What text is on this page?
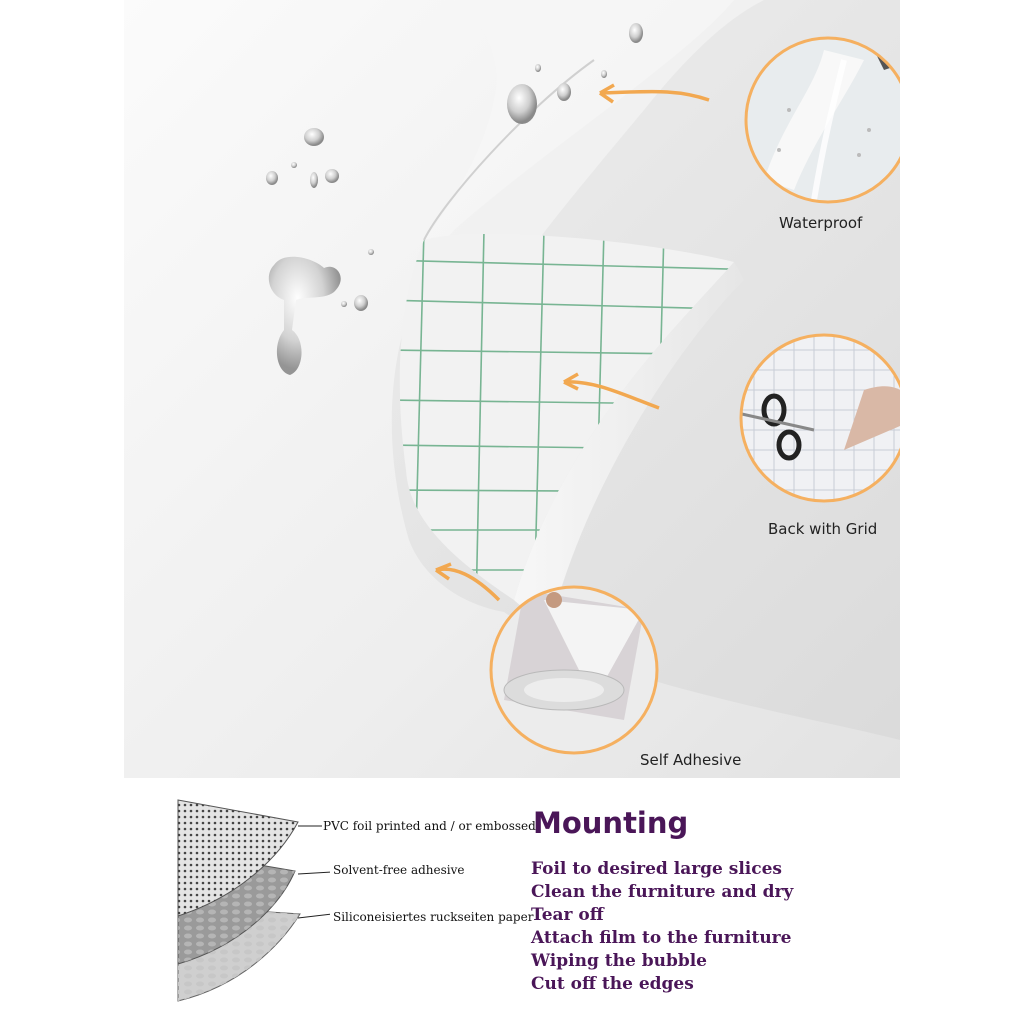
Waterproof
Back with Grid
Self Adhesive
PVC foil printed and / or embossed
Solvent-free adhesive
Siliconeisiertes ruckseiten paper
Mounting
Foil to desired large slices
Clean the furniture and dry
Tear off
Attach film to the furniture
Wiping the bubble
Cut off the edges
